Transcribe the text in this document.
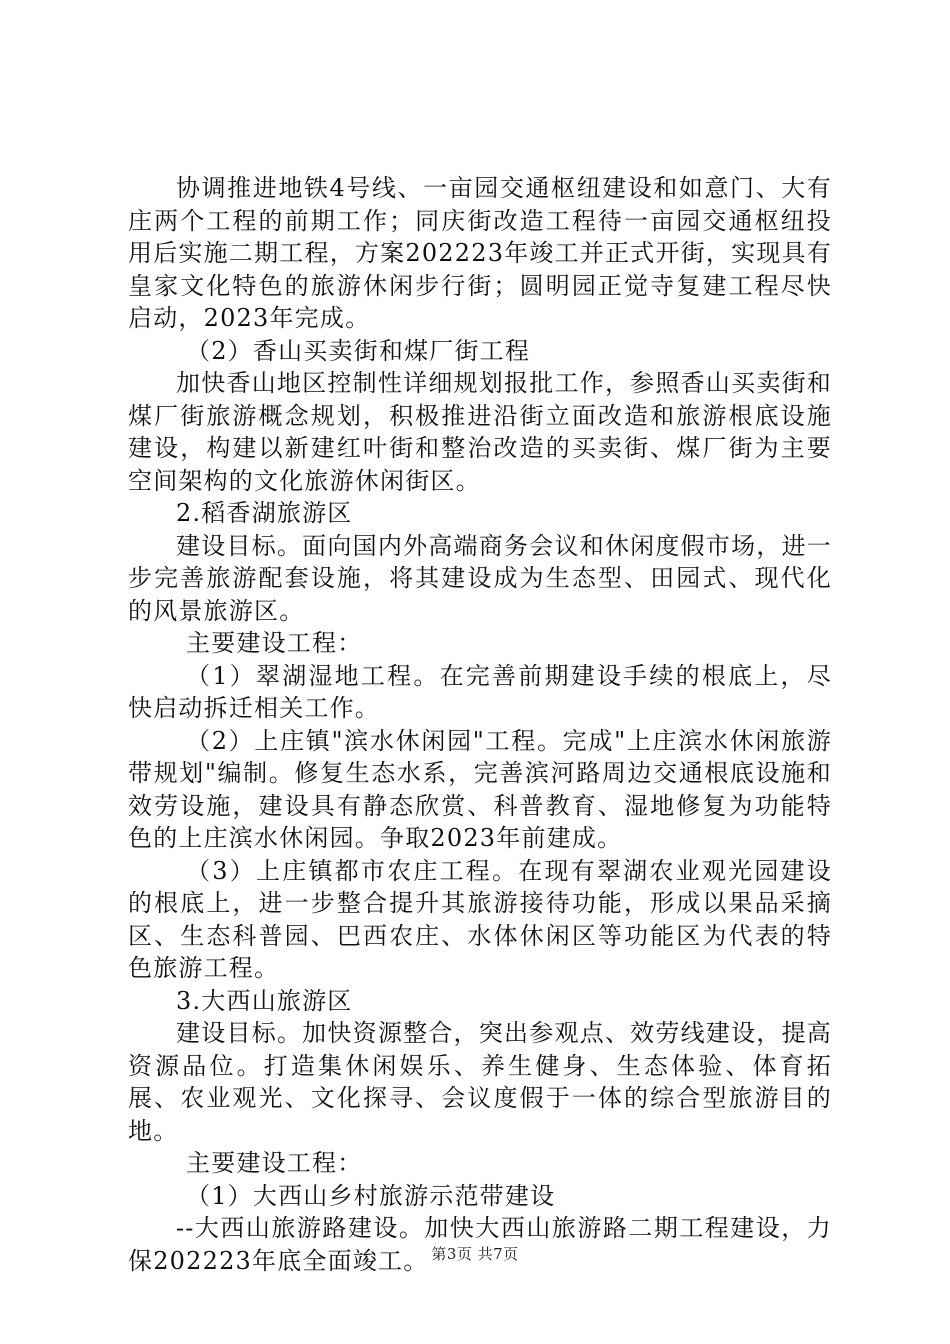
协调推进地铁4号线、一亩园交通枢纽建设和如意门、大有庄两个工程的前期工作；同庆街改造工程待一亩园交通枢纽投用后实施二期工程，方案202223年竣工并正式开街，实现具有皇家文化特色的旅游休闲步行街；圆明园正觉寺复建工程尽快启动，2023年完成。

（2）香山买卖街和煤厂街工程

加快香山地区控制性详细规划报批工作，参照香山买卖街和煤厂街旅游概念规划，积极推进沿街立面改造和旅游根底设施建设，构建以新建红叶街和整治改造的买卖街、煤厂街为主要空间架构的文化旅游休闲街区。

2.稻香湖旅游区

建设目标。面向国内外高端商务会议和休闲度假市场，进一步完善旅游配套设施，将其建设成为生态型、田园式、现代化的风景旅游区。

主要建设工程：

（1）翠湖湿地工程。在完善前期建设手续的根底上，尽快启动拆迁相关工作。

（2）上庄镇"滨水休闲园"工程。完成"上庄滨水休闲旅游带规划"编制。修复生态水系，完善滨河路周边交通根底设施和效劳设施，建设具有静态欣赏、科普教育、湿地修复为功能特色的上庄滨水休闲园。争取2023年前建成。

（3）上庄镇都市农庄工程。在现有翠湖农业观光园建设的根底上，进一步整合提升其旅游接待功能，形成以果品采摘区、生态科普园、巴西农庄、水体休闲区等功能区为代表的特色旅游工程。

3.大西山旅游区

建设目标。加快资源整合，突出参观点、效劳线建设，提高资源品位。打造集休闲娱乐、养生健身、生态体验、体育拓展、农业观光、文化探寻、会议度假于一体的综合型旅游目的地。

主要建设工程：

（1）大西山乡村旅游示范带建设

--大西山旅游路建设。加快大西山旅游路二期工程建设，力保202223年底全面竣工。 第3页 共7页
